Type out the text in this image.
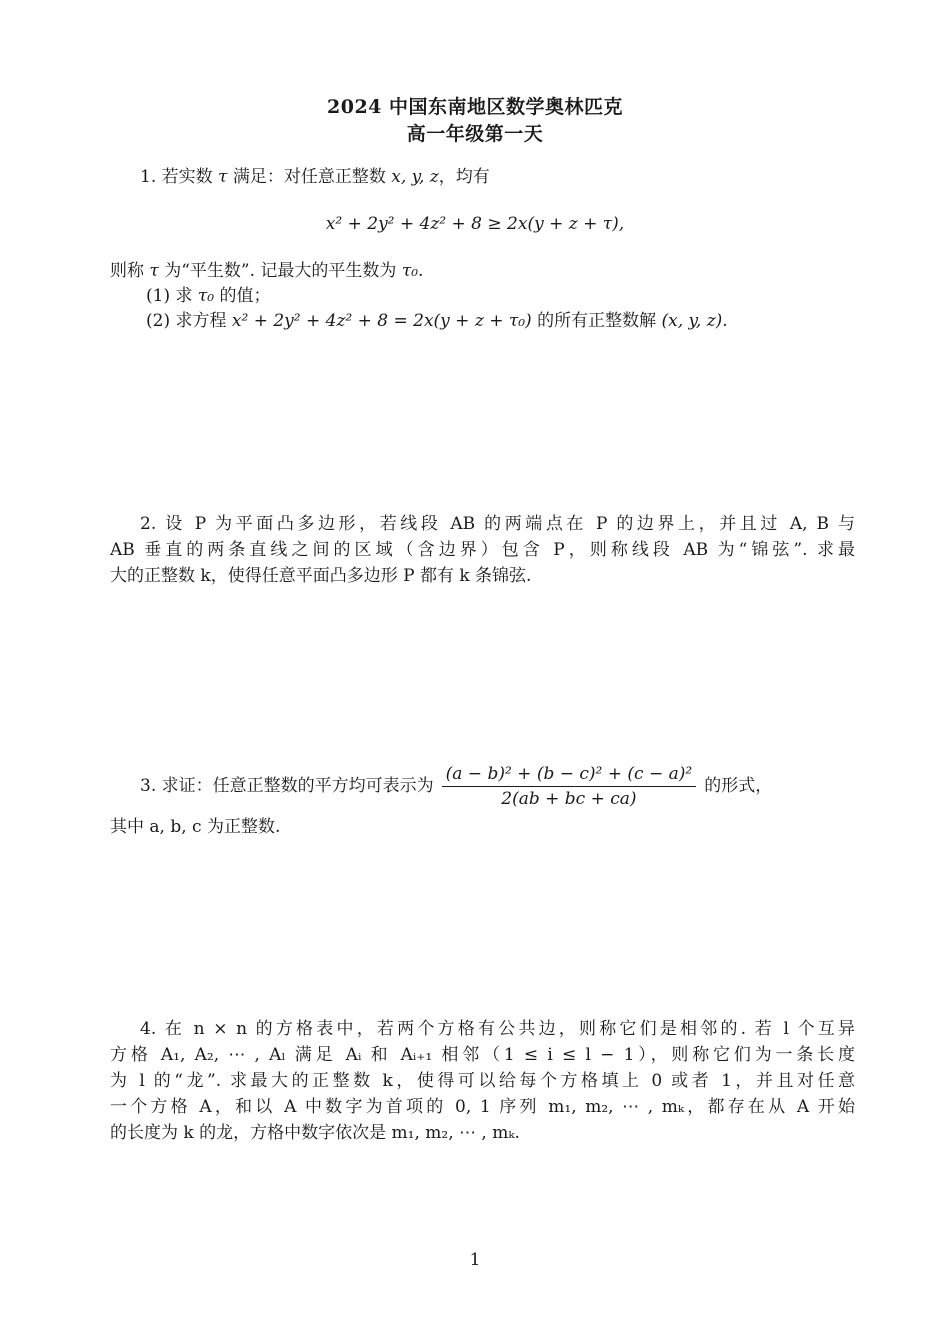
2024 中国东南地区数学奥林匹克
高一年级第一天
1. 若实数 τ 满足：对任意正整数 x, y, z，均有
x² + 2y² + 4z² + 8 ≥ 2x(y + z + τ),
则称 τ 为“平生数”. 记最大的平生数为 τ₀.
(1) 求 τ₀ 的值；
(2) 求方程 x² + 2y² + 4z² + 8 = 2x(y + z + τ₀) 的所有正整数解 (x, y, z).
2. 设 P 为平面凸多边形，若线段 AB 的两端点在 P 的边界上，并且过 A, B 与
AB 垂直的两条直线之间的区域（含边界）包含 P，则称线段 AB 为“锦弦”. 求最
大的正整数 k，使得任意平面凸多边形 P 都有 k 条锦弦.
3. 求证：任意正整数的平方均可表示为 $\frac{\text{(a − b)² + (b − c)² + (c − a)²}}{2(ab + bc + ca)}$ 的形式，
其中 a, b, c 为正整数.
4. 在 n × n 的方格表中，若两个方格有公共边，则称它们是相邻的. 若 l 个互异
方格 A₁, A₂, ⋯ , Aₗ 满足 Aᵢ 和 Aᵢ₊₁ 相邻（1 ≤ i ≤ l − 1），则称它们为一条长度
为 l 的“龙”. 求最大的正整数 k，使得可以给每个方格填上 0 或者 1，并且对任意
一个方格 A，和以 A 中数字为首项的 0, 1 序列 m₁, m₂, ⋯ , mₖ，都存在从 A 开始
的长度为 k 的龙，方格中数字依次是 m₁, m₂, ⋯ , mₖ.
1
